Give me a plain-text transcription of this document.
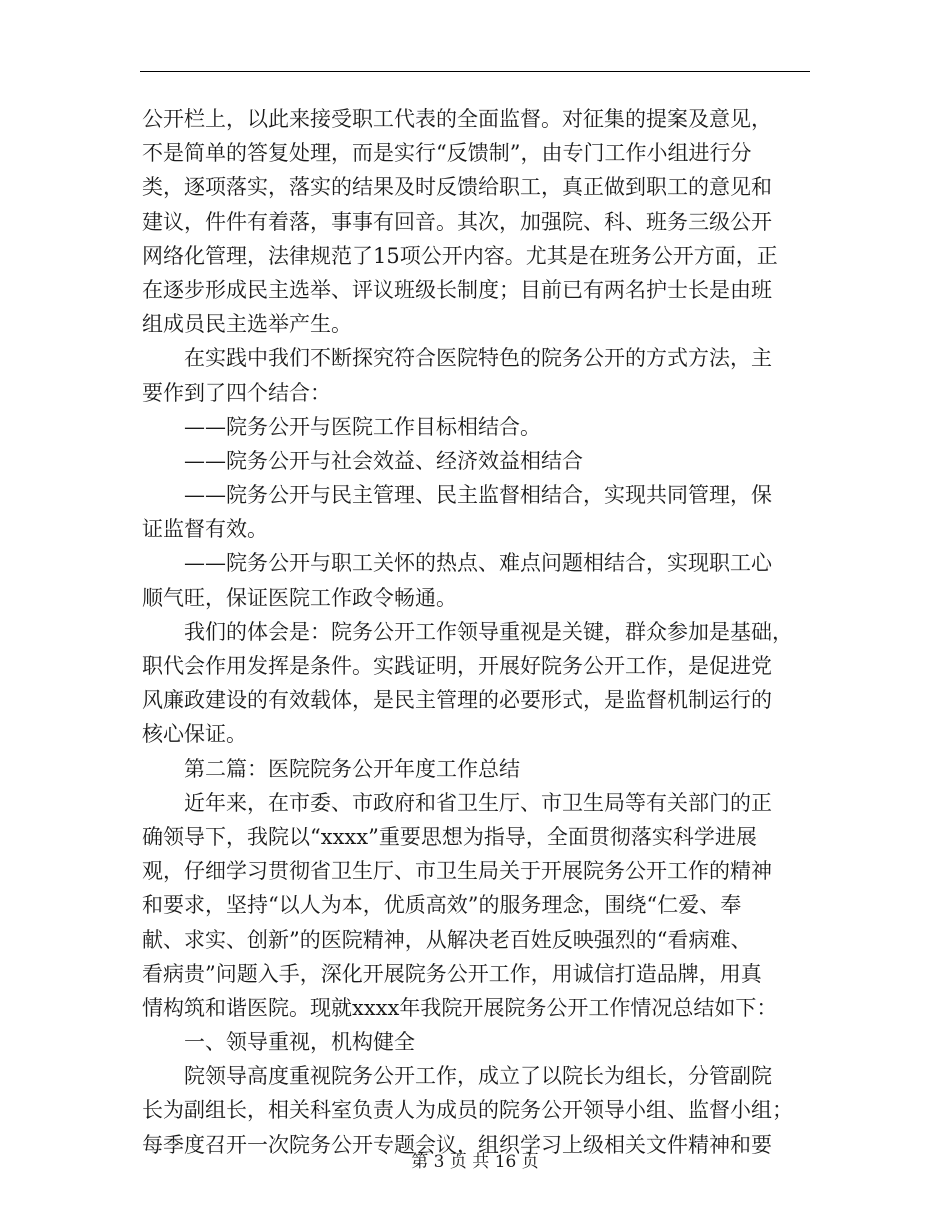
公开栏上，以此来接受职工代表的全面监督。对征集的提案及意见，
不是简单的答复处理，而是实行“反馈制”，由专门工作小组进行分
类，逐项落实，落实的结果及时反馈给职工，真正做到职工的意见和
建议，件件有着落，事事有回音。其次，加强院、科、班务三级公开
网络化管理，法律规范了15项公开内容。尤其是在班务公开方面，正
在逐步形成民主选举、评议班级长制度；目前已有两名护士长是由班
组成员民主选举产生。
在实践中我们不断探究符合医院特色的院务公开的方式方法，主
要作到了四个结合：
——院务公开与医院工作目标相结合。
——院务公开与社会效益、经济效益相结合
——院务公开与民主管理、民主监督相结合，实现共同管理，保
证监督有效。
——院务公开与职工关怀的热点、难点问题相结合，实现职工心
顺气旺，保证医院工作政令畅通。
我们的体会是：院务公开工作领导重视是关键，群众参加是基础，
职代会作用发挥是条件。实践证明，开展好院务公开工作，是促进党
风廉政建设的有效载体，是民主管理的必要形式，是监督机制运行的
核心保证。
第二篇：医院院务公开年度工作总结
近年来，在市委、市政府和省卫生厅、市卫生局等有关部门的正
确领导下，我院以“xxxx”重要思想为指导，全面贯彻落实科学进展
观，仔细学习贯彻省卫生厅、市卫生局关于开展院务公开工作的精神
和要求，坚持“以人为本，优质高效”的服务理念，围绕“仁爱、奉
献、求实、创新”的医院精神，从解决老百姓反映强烈的“看病难、
看病贵”问题入手，深化开展院务公开工作，用诚信打造品牌，用真
情构筑和谐医院。现就xxxx年我院开展院务公开工作情况总结如下：
一、领导重视，机构健全
院领导高度重视院务公开工作，成立了以院长为组长，分管副院
长为副组长，相关科室负责人为成员的院务公开领导小组、监督小组；
每季度召开一次院务公开专题会议，组织学习上级相关文件精神和要
第 3 页 共 16 页
